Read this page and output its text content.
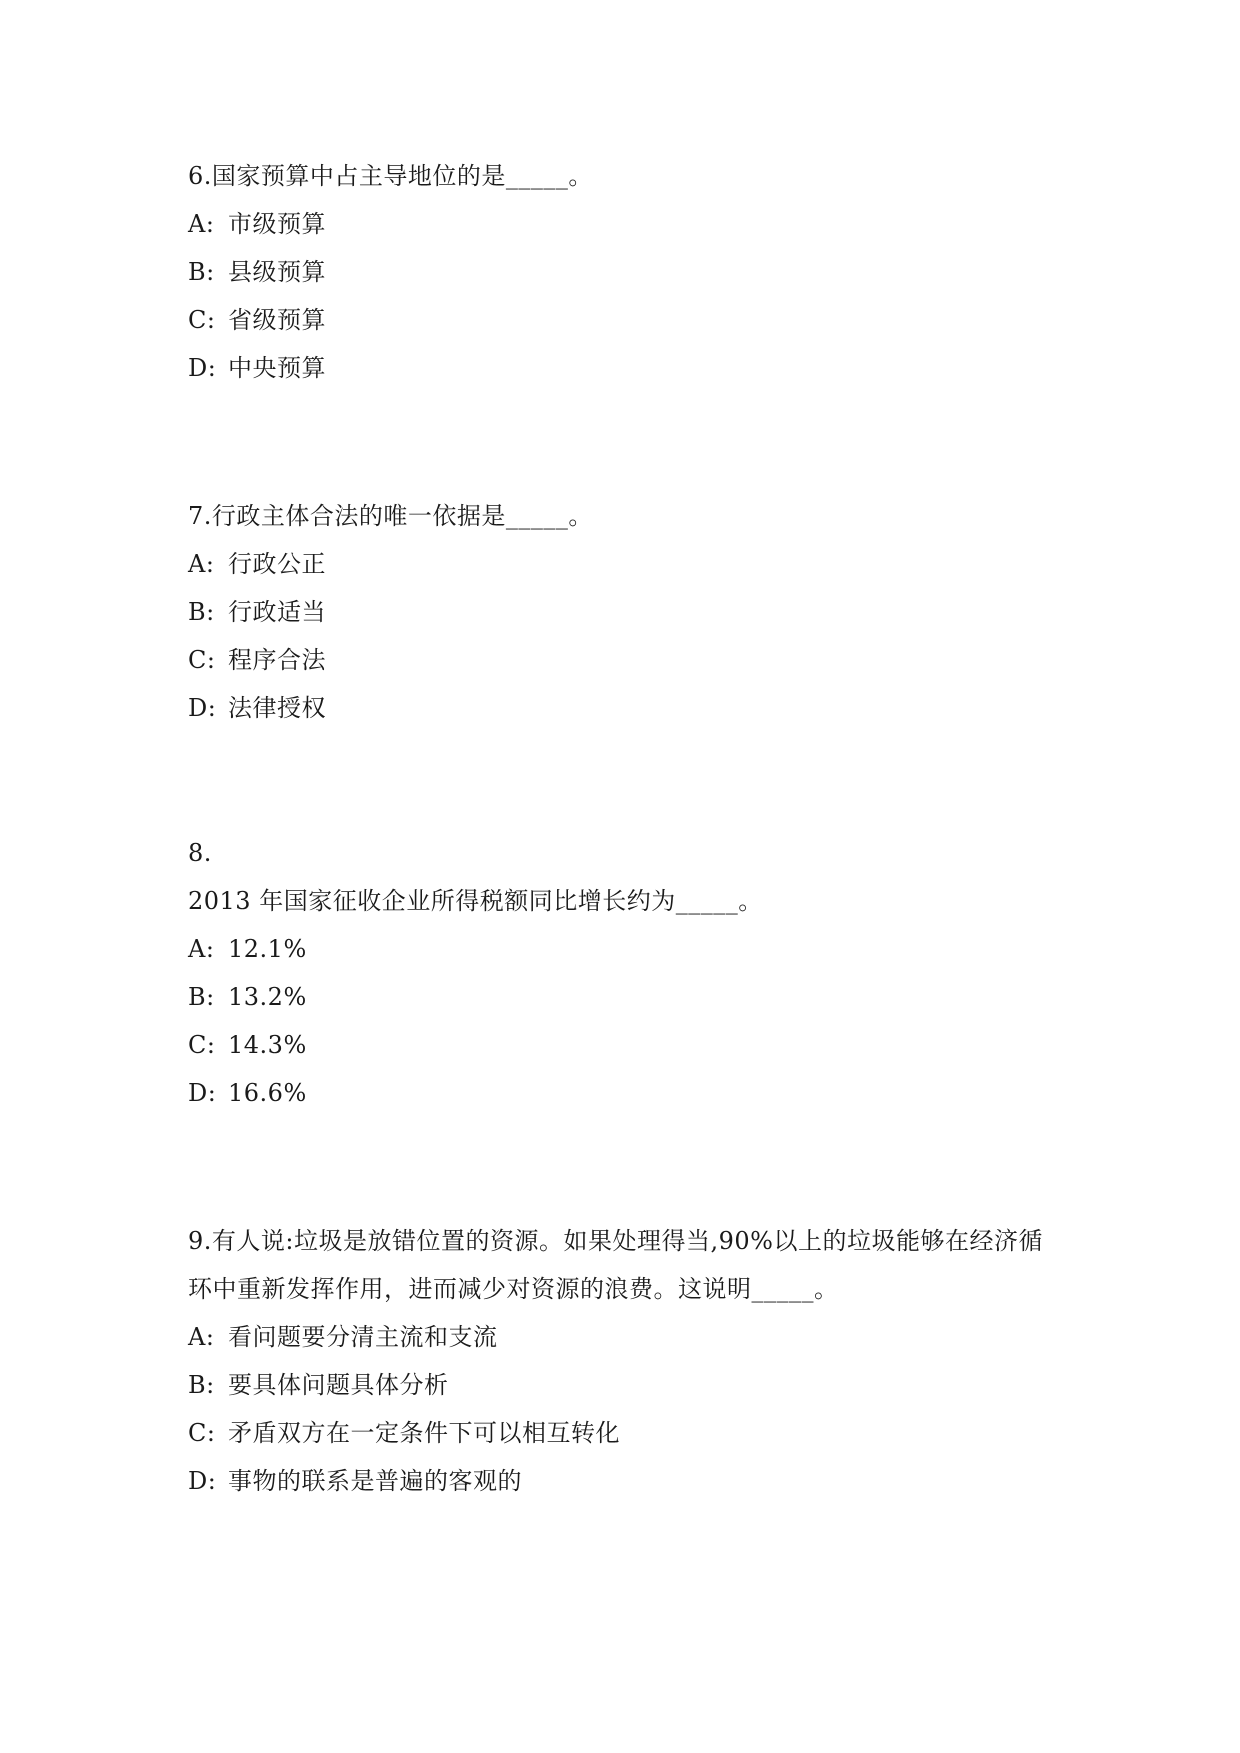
6.国家预算中占主导地位的是_____。
A: 市级预算
B: 县级预算
C: 省级预算
D: 中央预算
7.行政主体合法的唯一依据是_____。
A: 行政公正
B: 行政适当
C: 程序合法
D: 法律授权
8.
2013 年国家征收企业所得税额同比增长约为_____。
A: 12.1%
B: 13.2%
C: 14.3%
D: 16.6%
9.有人说:垃圾是放错位置的资源。如果处理得当,90%以上的垃圾能够在经济循
环中重新发挥作用，进而减少对资源的浪费。这说明_____。
A: 看问题要分清主流和支流
B: 要具体问题具体分析
C: 矛盾双方在一定条件下可以相互转化
D: 事物的联系是普遍的客观的
